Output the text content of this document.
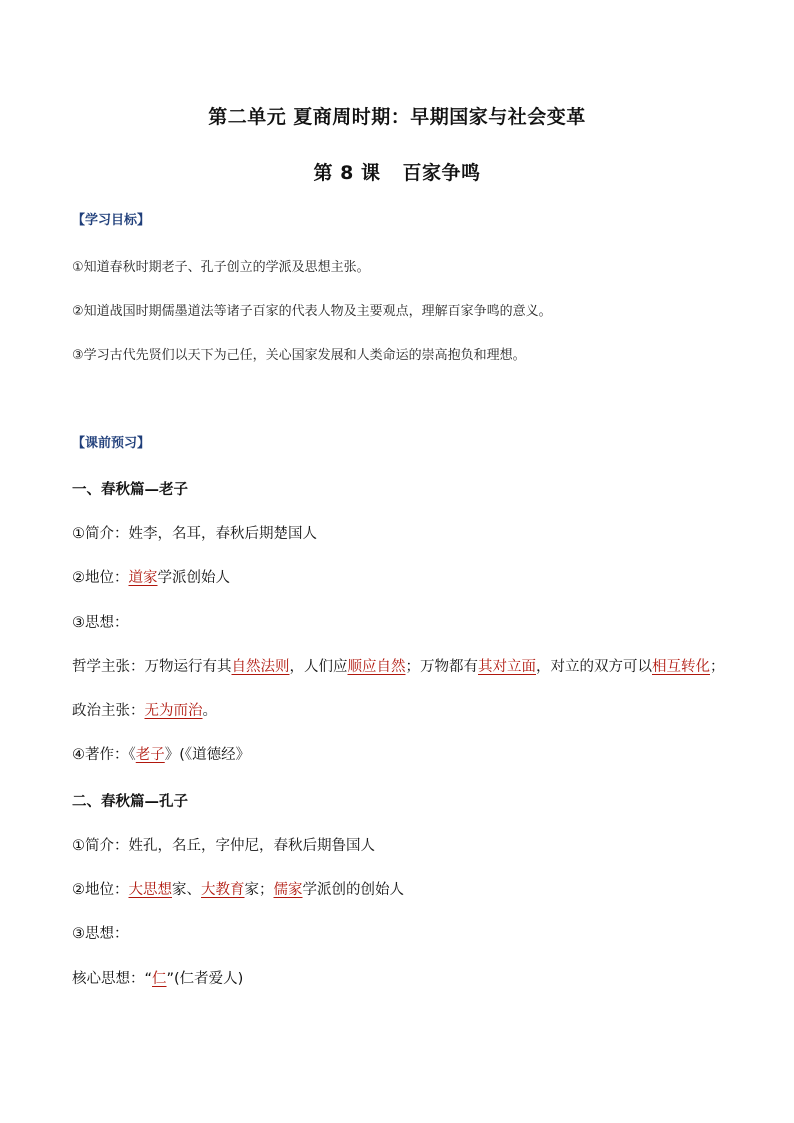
第二单元 夏商周时期：早期国家与社会变革
第 8 课 百家争鸣
【学习目标】
①知道春秋时期老子、孔子创立的学派及思想主张。
②知道战国时期儒墨道法等诸子百家的代表人物及主要观点，理解百家争鸣的意义。
③学习古代先贤们以天下为己任，关心国家发展和人类命运的崇高抱负和理想。
【课前预习】
一、春秋篇—老子
①简介：姓李，名耳，春秋后期楚国人
②地位：道家学派创始人
③思想：
哲学主张：万物运行有其自然法则，人们应顺应自然；万物都有其对立面，对立的双方可以相互转化；
政治主张：无为而治。
④著作：《老子》(《道德经》
二、春秋篇—孔子
①简介：姓孔，名丘，字仲尼，春秋后期鲁国人
②地位：大思想家、大教育家；儒家学派创的创始人
③思想：
核心思想：“仁”(仁者爱人)
